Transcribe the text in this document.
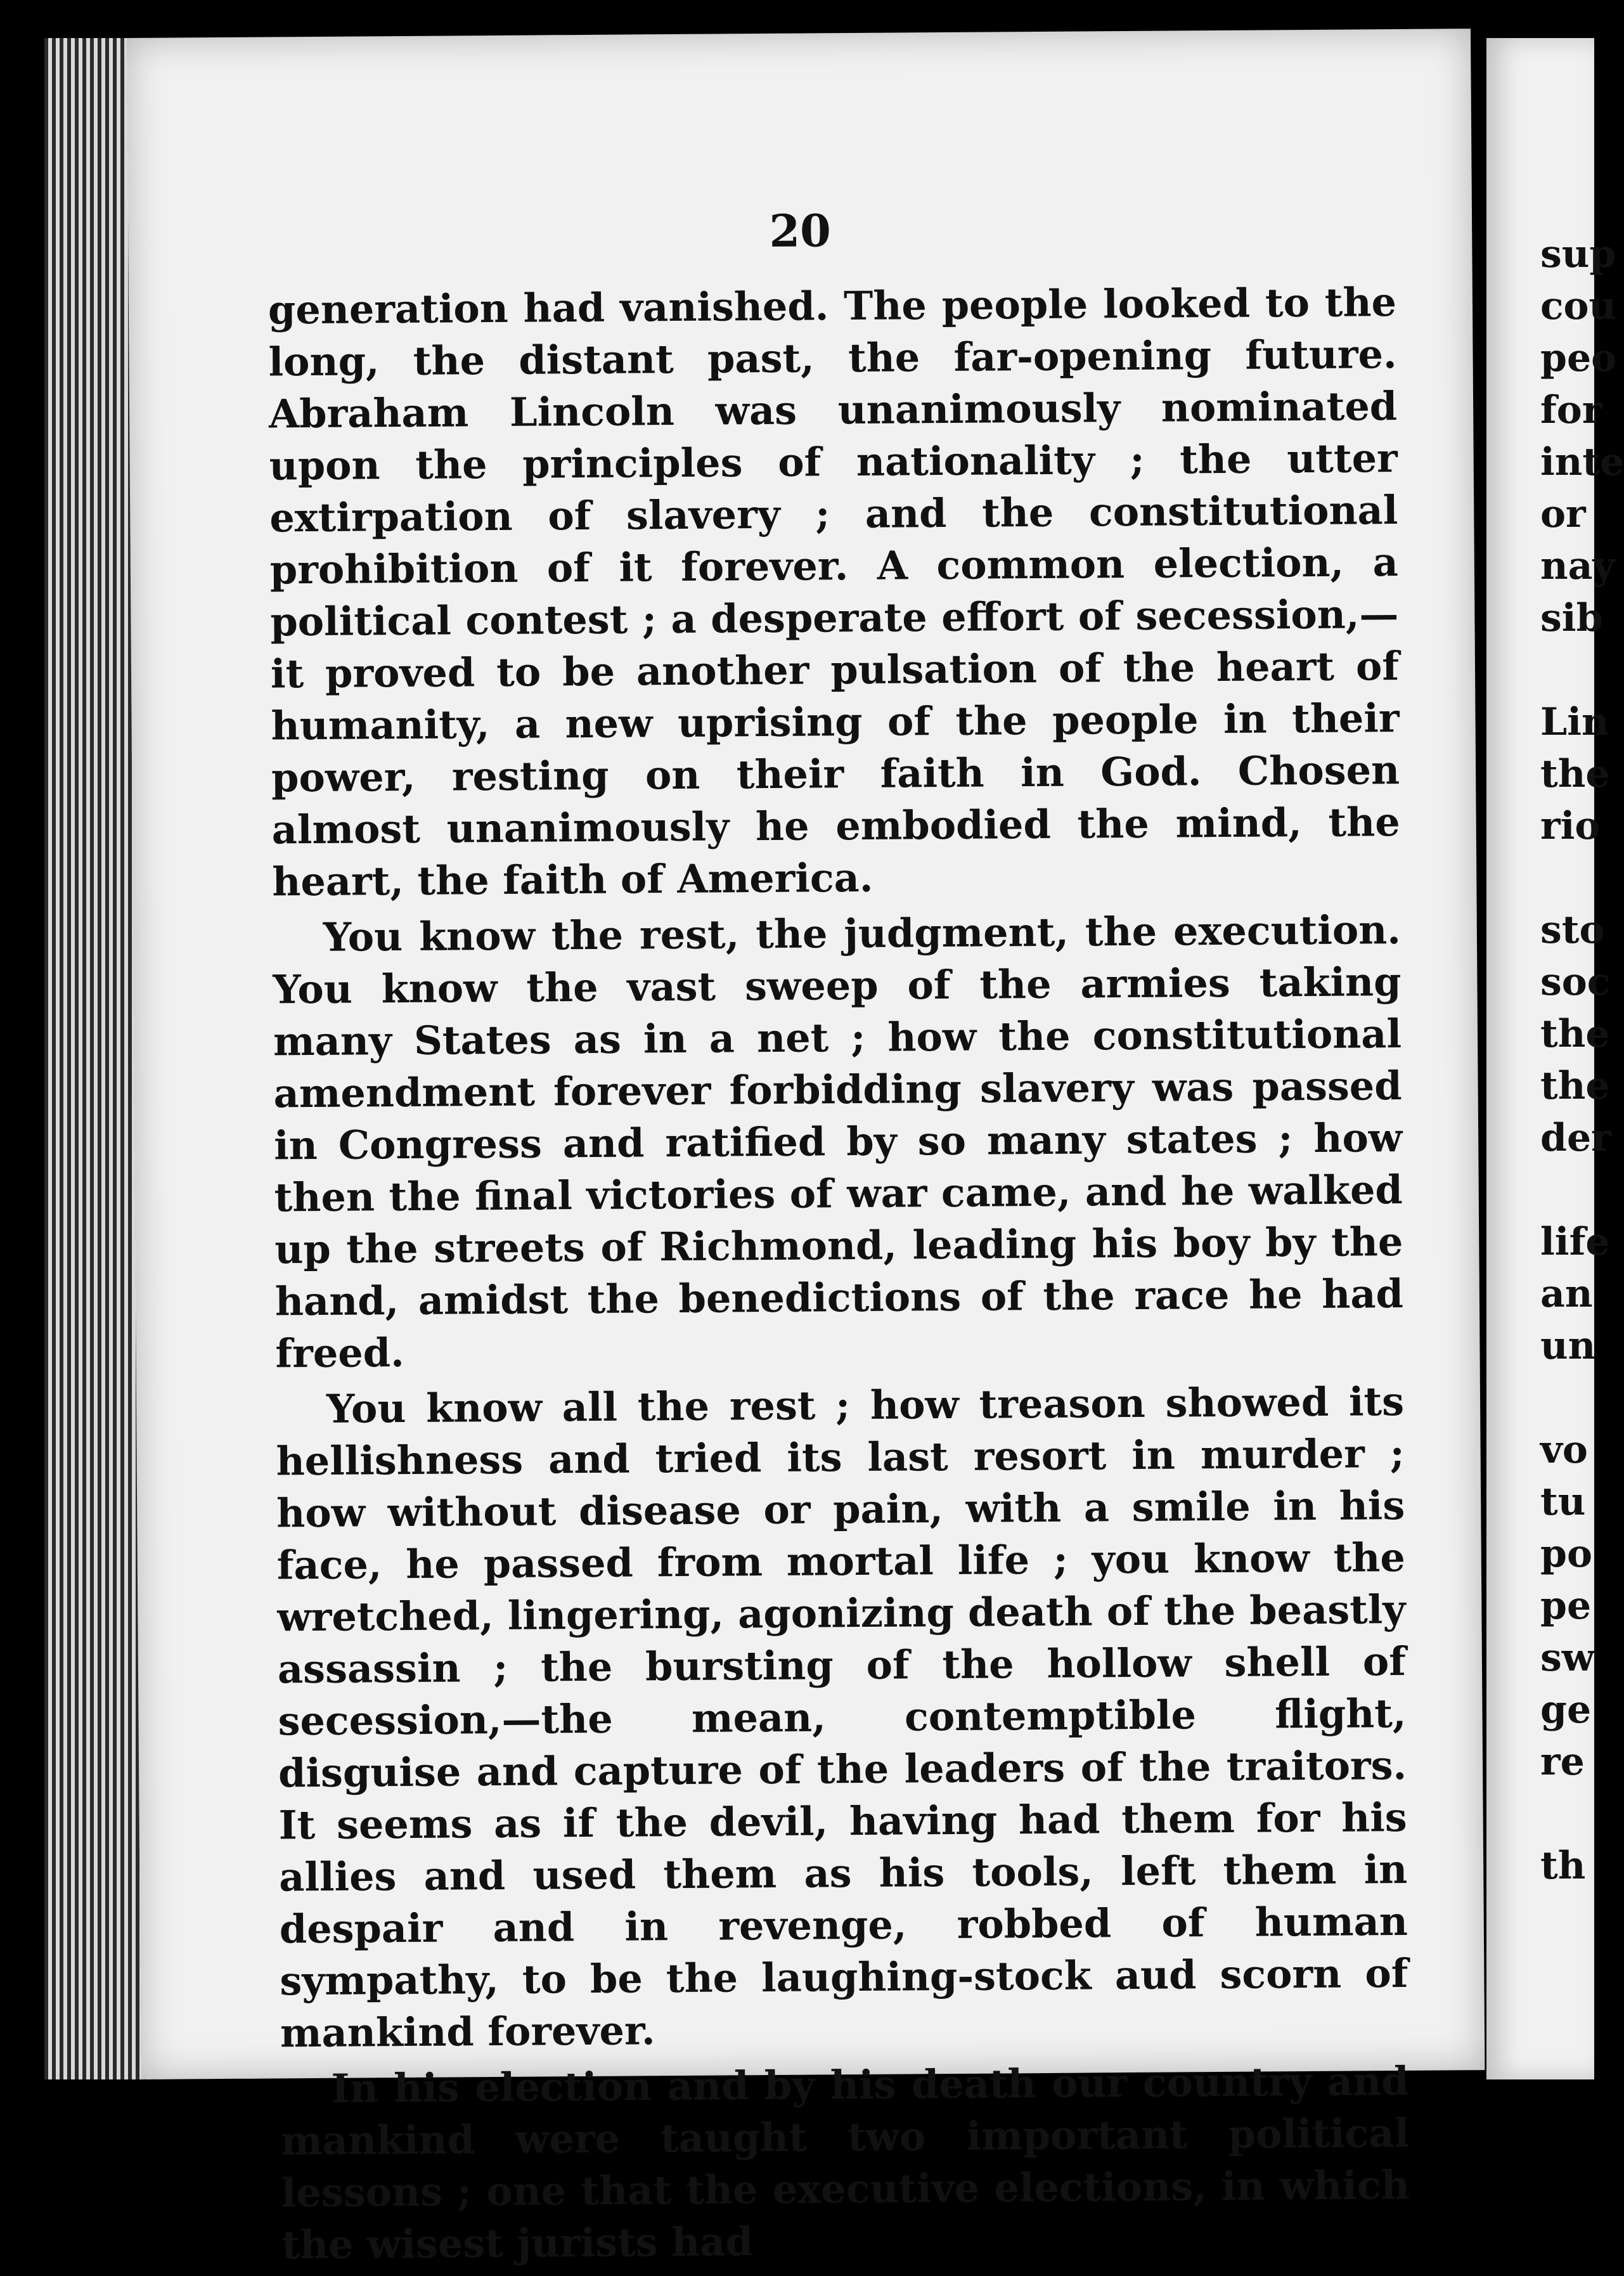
20

generation had vanished. The people looked to the long, the distant past, the far-opening future. Abraham Lincoln was unanimously nominated upon the principles of nationality ; the utter extirpation of slavery ; and the constitutional prohibition of it forever. A common election, a political contest ; a desperate effort of secession,—it proved to be another pulsation of the heart of humanity, a new uprising of the people in their power, resting on their faith in God. Chosen almost unanimously he embodied the mind, the heart, the faith of America.

You know the rest, the judgment, the execution. You know the vast sweep of the armies taking many States as in a net ; how the constitutional amendment forever forbidding slavery was passed in Congress and ratified by so many states ; how then the final victories of war came, and he walked up the streets of Richmond, leading his boy by the hand, amidst the benedictions of the race he had freed.

You know all the rest ; how treason showed its hellishness and tried its last resort in murder ; how without disease or pain, with a smile in his face, he passed from mortal life ; you know the wretched, lingering, agonizing death of the beastly assassin ; the bursting of the hollow shell of secession,—the mean, contemptible flight, disguise and capture of the leaders of the traitors. It seems as if the devil, having had them for his allies and used them as his tools, left them in despair and in revenge, robbed of human sympathy, to be the laughing-stock aud scorn of mankind forever.

In his election and by his death our country and mankind were taught two important political lessons ; one that the executive elections, in which the wisest jurists had

sup
cou
peo
for
inte
or
nay
sib
Lin
the
rio
sto
soc
the
the
der
life
an
un
vo
tu
po
pe
sw
ge
re
th
